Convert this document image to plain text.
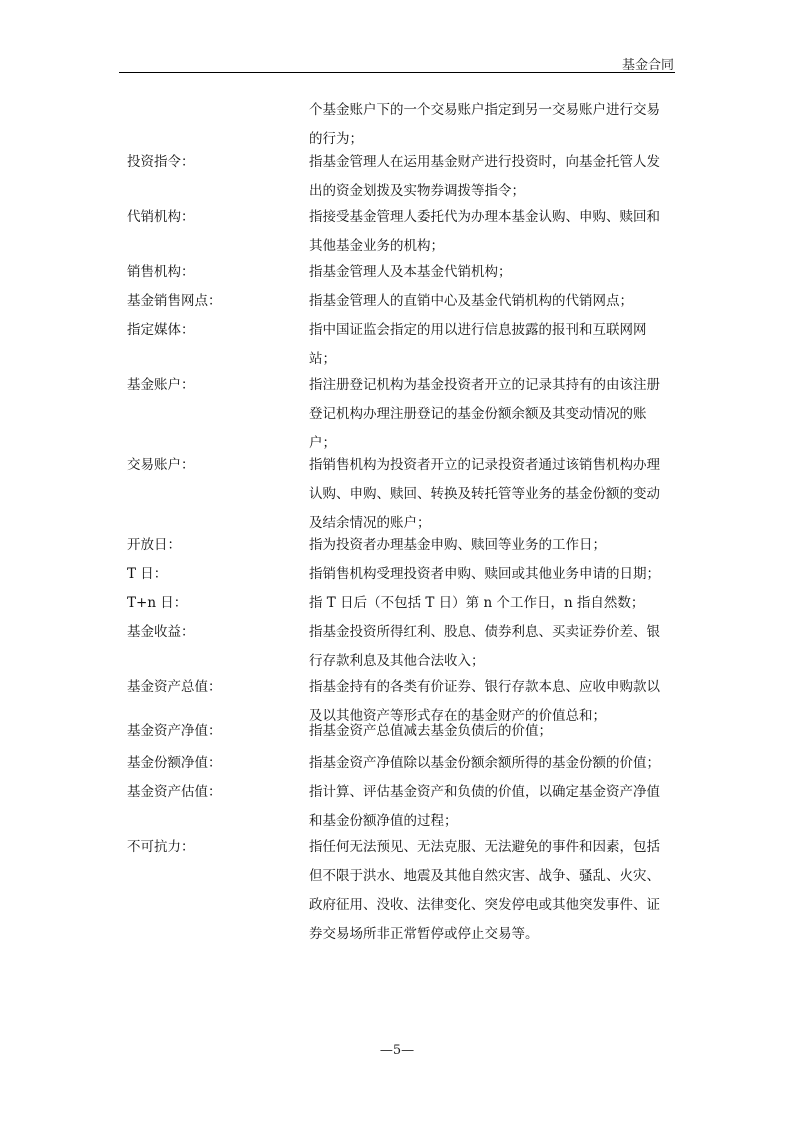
基金合同
个基金账户下的一个交易账户指定到另一交易账户进行交易
的行为；
投资指令：	指基金管理人在运用基金财产进行投资时，向基金托管人发
出的资金划拨及实物券调拨等指令；
代销机构：	指接受基金管理人委托代为办理本基金认购、申购、赎回和
其他基金业务的机构；
销售机构：	指基金管理人及本基金代销机构；
基金销售网点：	指基金管理人的直销中心及基金代销机构的代销网点；
指定媒体：	指中国证监会指定的用以进行信息披露的报刊和互联网网
站；
基金账户：	指注册登记机构为基金投资者开立的记录其持有的由该注册
登记机构办理注册登记的基金份额余额及其变动情况的账
户；
交易账户：	指销售机构为投资者开立的记录投资者通过该销售机构办理
认购、申购、赎回、转换及转托管等业务的基金份额的变动
及结余情况的账户；
开放日：	指为投资者办理基金申购、赎回等业务的工作日；
T 日：	指销售机构受理投资者申购、赎回或其他业务申请的日期；
T+n 日：	指 T 日后（不包括 T 日）第 n 个工作日，n 指自然数；
基金收益：	指基金投资所得红利、股息、债券利息、买卖证券价差、银
行存款利息及其他合法收入；
基金资产总值：	指基金持有的各类有价证券、银行存款本息、应收申购款以
及以其他资产等形式存在的基金财产的价值总和；
基金资产净值：	指基金资产总值减去基金负债后的价值；
基金份额净值：	指基金资产净值除以基金份额余额所得的基金份额的价值；
基金资产估值：	指计算、评估基金资产和负债的价值，以确定基金资产净值
和基金份额净值的过程；
不可抗力：	指任何无法预见、无法克服、无法避免的事件和因素，包括
但不限于洪水、地震及其他自然灾害、战争、骚乱、火灾、
政府征用、没收、法律变化、突发停电或其他突发事件、证
券交易场所非正常暂停或停止交易等。
—5—
